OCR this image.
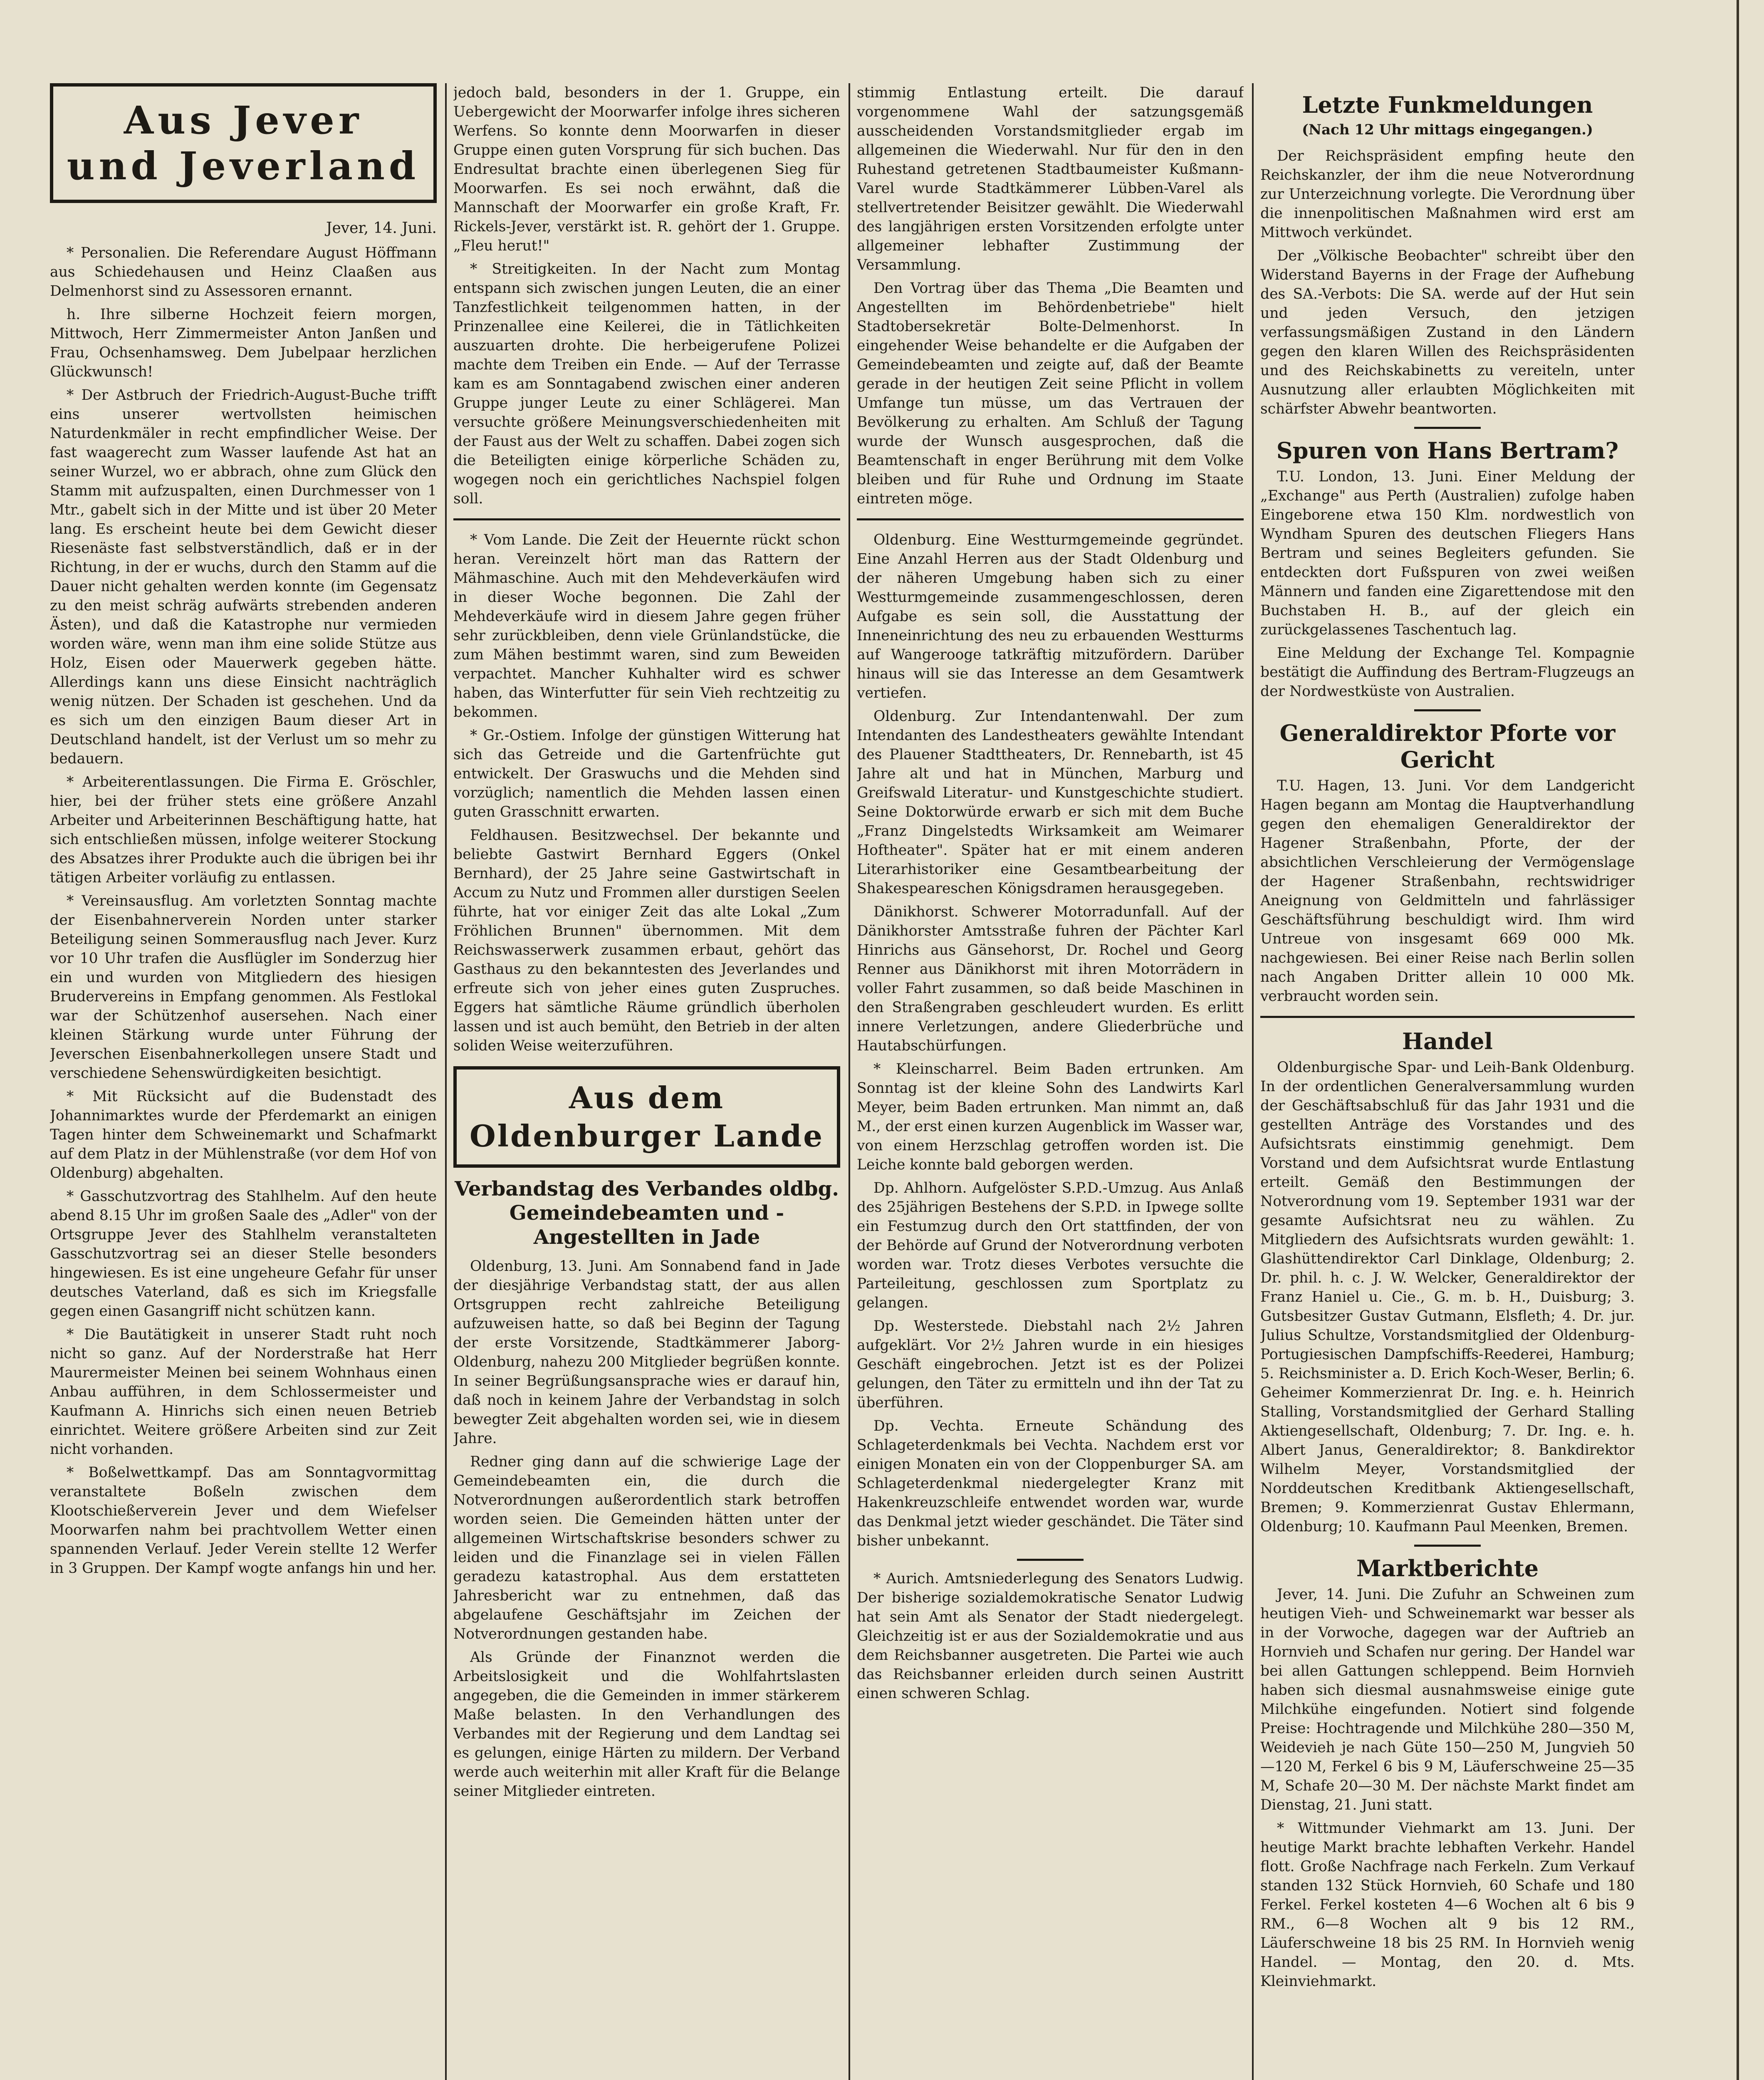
Aus Jever
und Jeverland
Jever, 14. Juni.

* Personalien. Die Referendare August Höffmann aus Schiedehausen und Heinz Claaßen aus Delmenhorst sind zu Assessoren ernannt.

h. Ihre silberne Hochzeit feiern morgen, Mittwoch, Herr Zimmermeister Anton Janßen und Frau, Ochsenhamsweg. Dem Jubelpaar herzlichen Glückwunsch!

* Der Astbruch der Friedrich-August-Buche trifft eins unserer wertvollsten heimischen Naturdenkmäler in recht empfindlicher Weise. Der fast waagerecht zum Wasser laufende Ast hat an seiner Wurzel, wo er abbrach, ohne zum Glück den Stamm mit aufzuspalten, einen Durchmesser von 1 Mtr., gabelt sich in der Mitte und ist über 20 Meter lang. Es erscheint heute bei dem Gewicht dieser Riesenäste fast selbstverständlich, daß er in der Richtung, in der er wuchs, durch den Stamm auf die Dauer nicht gehalten werden konnte (im Gegensatz zu den meist schräg aufwärts strebenden anderen Ästen), und daß die Katastrophe nur vermieden worden wäre, wenn man ihm eine solide Stütze aus Holz, Eisen oder Mauerwerk gegeben hätte. Allerdings kann uns diese Einsicht nachträglich wenig nützen. Der Schaden ist geschehen. Und da es sich um den einzigen Baum dieser Art in Deutschland handelt, ist der Verlust um so mehr zu bedauern.

* Arbeiterentlassungen. Die Firma E. Gröschler, hier, bei der früher stets eine größere Anzahl Arbeiter und Arbeiterinnen Beschäftigung hatte, hat sich entschließen müssen, infolge weiterer Stockung des Absatzes ihrer Produkte auch die übrigen bei ihr tätigen Arbeiter vorläufig zu entlassen.

* Vereinsausflug. Am vorletzten Sonntag machte der Eisenbahnerverein Norden unter starker Beteiligung seinen Sommerausflug nach Jever. Kurz vor 10 Uhr trafen die Ausflügler im Sonderzug hier ein und wurden von Mitgliedern des hiesigen Brudervereins in Empfang genommen. Als Festlokal war der Schützenhof ausersehen. Nach einer kleinen Stärkung wurde unter Führung der Jeverschen Eisenbahnerkollegen unsere Stadt und verschiedene Sehenswürdigkeiten besichtigt.

* Mit Rücksicht auf die Budenstadt des Johannimarktes wurde der Pferdemarkt an einigen Tagen hinter dem Schweinemarkt und Schafmarkt auf dem Platz in der Mühlenstraße (vor dem Hof von Oldenburg) abgehalten.

* Gasschutzvortrag des Stahlhelm. Auf den heute abend 8.15 Uhr im großen Saale des „Adler" von der Ortsgruppe Jever des Stahlhelm veranstalteten Gasschutzvortrag sei an dieser Stelle besonders hingewiesen. Es ist eine ungeheure Gefahr für unser deutsches Vaterland, daß es sich im Kriegsfalle gegen einen Gasangriff nicht schützen kann.

* Die Bautätigkeit in unserer Stadt ruht noch nicht so ganz. Auf der Norderstraße hat Herr Maurermeister Meinen bei seinem Wohnhaus einen Anbau aufführen, in dem Schlossermeister und Kaufmann A. Hinrichs sich einen neuen Betrieb einrichtet. Weitere größere Arbeiten sind zur Zeit nicht vorhanden.

* Boßelwettkampf. Das am Sonntagvormittag veranstaltete Boßeln zwischen dem Klootschießerverein Jever und dem Wiefelser Moorwarfen nahm bei prachtvollem Wetter einen spannenden Verlauf. Jeder Verein stellte 12 Werfer in 3 Gruppen. Der Kampf wogte anfangs hin und her.

jedoch bald, besonders in der 1. Gruppe, ein Uebergewicht der Moorwarfer infolge ihres sicheren Werfens. So konnte denn Moorwarfen in dieser Gruppe einen guten Vorsprung für sich buchen. Das Endresultat brachte einen überlegenen Sieg für Moorwarfen. Es sei noch erwähnt, daß die Mannschaft der Moorwarfer ein große Kraft, Fr. Rickels-Jever, verstärkt ist. R. gehört der 1. Gruppe. „Fleu herut!"

* Streitigkeiten. In der Nacht zum Montag entspann sich zwischen jungen Leuten, die an einer Tanzfestlichkeit teilgenommen hatten, in der Prinzenallee eine Keilerei, die in Tätlichkeiten auszuarten drohte. Die herbeigerufene Polizei machte dem Treiben ein Ende. — Auf der Terrasse kam es am Sonntagabend zwischen einer anderen Gruppe junger Leute zu einer Schlägerei. Man versuchte größere Meinungsverschiedenheiten mit der Faust aus der Welt zu schaffen. Dabei zogen sich die Beteiligten einige körperliche Schäden zu, wogegen noch ein gerichtliches Nachspiel folgen soll.

* Vom Lande. Die Zeit der Heuernte rückt schon heran. Vereinzelt hört man das Rattern der Mähmaschine. Auch mit den Mehdeverkäufen wird in dieser Woche begonnen. Die Zahl der Mehdeverkäufe wird in diesem Jahre gegen früher sehr zurückbleiben, denn viele Grünlandstücke, die zum Mähen bestimmt waren, sind zum Beweiden verpachtet. Mancher Kuhhalter wird es schwer haben, das Winterfutter für sein Vieh rechtzeitig zu bekommen.

* Gr.-Ostiem. Infolge der günstigen Witterung hat sich das Getreide und die Gartenfrüchte gut entwickelt. Der Graswuchs und die Mehden sind vorzüglich; namentlich die Mehden lassen einen guten Grasschnitt erwarten.

Feldhausen. Besitzwechsel. Der bekannte und beliebte Gastwirt Bernhard Eggers (Onkel Bernhard), der 25 Jahre seine Gastwirtschaft in Accum zu Nutz und Frommen aller durstigen Seelen führte, hat vor einiger Zeit das alte Lokal „Zum Fröhlichen Brunnen" übernommen. Mit dem Reichswasserwerk zusammen erbaut, gehört das Gasthaus zu den bekanntesten des Jeverlandes und erfreute sich von jeher eines guten Zuspruches. Eggers hat sämtliche Räume gründlich überholen lassen und ist auch bemüht, den Betrieb in der alten soliden Weise weiterzuführen.

Aus dem Oldenburger Lande
Verbandstag des Verbandes oldbg. Gemeindebeamten und -Angestellten in Jade

Oldenburg, 13. Juni. Am Sonnabend fand in Jade der diesjährige Verbandstag statt, der aus allen Ortsgruppen recht zahlreiche Beteiligung aufzuweisen hatte, so daß bei Beginn der Tagung der erste Vorsitzende, Stadtkämmerer Jaborg-Oldenburg, nahezu 200 Mitglieder begrüßen konnte. In seiner Begrüßungsansprache wies er darauf hin, daß noch in keinem Jahre der Verbandstag in solch bewegter Zeit abgehalten worden sei, wie in diesem Jahre.

Redner ging dann auf die schwierige Lage der Gemeindebeamten ein, die durch die Notverordnungen außerordentlich stark betroffen worden seien. Die Gemeinden hätten unter der allgemeinen Wirtschaftskrise besonders schwer zu leiden und die Finanzlage sei in vielen Fällen geradezu katastrophal. Aus dem erstatteten Jahresbericht war zu entnehmen, daß das abgelaufene Geschäftsjahr im Zeichen der Notverordnungen gestanden habe.

Als Gründe der Finanznot werden die Arbeitslosigkeit und die Wohlfahrtslasten angegeben, die die Gemeinden in immer stärkerem Maße belasten. In den Verhandlungen des Verbandes mit der Regierung und dem Landtag sei es gelungen, einige Härten zu mildern. Der Verband werde auch weiterhin mit aller Kraft für die Belange seiner Mitglieder eintreten.

stimmig Entlastung erteilt. Die darauf vorgenommene Wahl der satzungsgemäß ausscheidenden Vorstandsmitglieder ergab im allgemeinen die Wiederwahl. Nur für den in den Ruhestand getretenen Stadtbaumeister Kußmann-Varel wurde Stadtkämmerer Lübben-Varel als stellvertretender Beisitzer gewählt. Die Wiederwahl des langjährigen ersten Vorsitzenden erfolgte unter allgemeiner lebhafter Zustimmung der Versammlung.

Den Vortrag über das Thema „Die Beamten und Angestellten im Behördenbetriebe" hielt Stadtobersekretär Bolte-Delmenhorst. In eingehender Weise behandelte er die Aufgaben der Gemeindebeamten und zeigte auf, daß der Beamte gerade in der heutigen Zeit seine Pflicht in vollem Umfange tun müsse, um das Vertrauen der Bevölkerung zu erhalten. Am Schluß der Tagung wurde der Wunsch ausgesprochen, daß die Beamtenschaft in enger Berührung mit dem Volke bleiben und für Ruhe und Ordnung im Staate eintreten möge.

Oldenburg. Eine Westturmgemeinde gegründet. Eine Anzahl Herren aus der Stadt Oldenburg und der näheren Umgebung haben sich zu einer Westturmgemeinde zusammengeschlossen, deren Aufgabe es sein soll, die Ausstattung der Inneneinrichtung des neu zu erbauenden Westturms auf Wangerooge tatkräftig mitzufördern. Darüber hinaus will sie das Interesse an dem Gesamtwerk vertiefen.

Oldenburg. Zur Intendantenwahl. Der zum Intendanten des Landestheaters gewählte Intendant des Plauener Stadttheaters, Dr. Rennebarth, ist 45 Jahre alt und hat in München, Marburg und Greifswald Literatur- und Kunstgeschichte studiert. Seine Doktorwürde erwarb er sich mit dem Buche „Franz Dingelstedts Wirksamkeit am Weimarer Hoftheater". Später hat er mit einem anderen Literarhistoriker eine Gesamtbearbeitung der Shakespeareschen Königsdramen herausgegeben.

Dänikhorst. Schwerer Motorradunfall. Auf der Dänikhorster Amtsstraße fuhren der Pächter Karl Hinrichs aus Gänsehorst, Dr. Rochel und Georg Renner aus Dänikhorst mit ihren Motorrädern in voller Fahrt zusammen, so daß beide Maschinen in den Straßengraben geschleudert wurden. Es erlitt innere Verletzungen, andere Gliederbrüche und Hautabschürfungen.

* Kleinscharrel. Beim Baden ertrunken. Am Sonntag ist der kleine Sohn des Landwirts Karl Meyer, beim Baden ertrunken. Man nimmt an, daß M., der erst einen kurzen Augenblick im Wasser war, von einem Herzschlag getroffen worden ist. Die Leiche konnte bald geborgen werden.

Dp. Ahlhorn. Aufgelöster S.P.D.-Umzug. Aus Anlaß des 25jährigen Bestehens der S.P.D. in Ipwege sollte ein Festumzug durch den Ort stattfinden, der von der Behörde auf Grund der Notverordnung verboten worden war. Trotz dieses Verbotes versuchte die Parteileitung, geschlossen zum Sportplatz zu gelangen.

Dp. Westerstede. Diebstahl nach 2½ Jahren aufgeklärt. Vor 2½ Jahren wurde in ein hiesiges Geschäft eingebrochen. Jetzt ist es der Polizei gelungen, den Täter zu ermitteln und ihn der Tat zu überführen.

Dp. Vechta. Erneute Schändung des Schlageterdenkmals bei Vechta. Nachdem erst vor einigen Monaten ein von der Cloppenburger SA. am Schlageterdenkmal niedergelegter Kranz mit Hakenkreuzschleife entwendet worden war, wurde das Denkmal jetzt wieder geschändet. Die Täter sind bisher unbekannt.

* Aurich. Amtsniederlegung des Senators Ludwig. Der bisherige sozialdemokratische Senator Ludwig hat sein Amt als Senator der Stadt niedergelegt. Gleichzeitig ist er aus der Sozialdemokratie und aus dem Reichsbanner ausgetreten. Die Partei wie auch das Reichsbanner erleiden durch seinen Austritt einen schweren Schlag.

Letzte Funkmeldungen
(Nach 12 Uhr mittags eingegangen.)

Der Reichspräsident empfing heute den Reichskanzler, der ihm die neue Notverordnung zur Unterzeichnung vorlegte. Die Verordnung über die innenpolitischen Maßnahmen wird erst am Mittwoch verkündet.

Der „Völkische Beobachter" schreibt über den Widerstand Bayerns in der Frage der Aufhebung des SA.-Verbots: Die SA. werde auf der Hut sein und jeden Versuch, den jetzigen verfassungsmäßigen Zustand in den Ländern gegen den klaren Willen des Reichspräsidenten und des Reichskabinetts zu vereiteln, unter Ausnutzung aller erlaubten Möglichkeiten mit schärfster Abwehr beantworten.

Spuren von Hans Bertram?

T.U. London, 13. Juni. Einer Meldung der „Exchange" aus Perth (Australien) zufolge haben Eingeborene etwa 150 Klm. nordwestlich von Wyndham Spuren des deutschen Fliegers Hans Bertram und seines Begleiters gefunden. Sie entdeckten dort Fußspuren von zwei weißen Männern und fanden eine Zigarettendose mit den Buchstaben H. B., auf der gleich ein zurückgelassenes Taschentuch lag.

Eine Meldung der Exchange Tel. Kompagnie bestätigt die Auffindung des Bertram-Flugzeugs an der Nordwestküste von Australien.

Generaldirektor Pforte vor Gericht

T.U. Hagen, 13. Juni. Vor dem Landgericht Hagen begann am Montag die Hauptverhandlung gegen den ehemaligen Generaldirektor der Hagener Straßenbahn, Pforte, der der absichtlichen Verschleierung der Vermögenslage der Hagener Straßenbahn, rechtswidriger Aneignung von Geldmitteln und fahrlässiger Geschäftsführung beschuldigt wird. Ihm wird Untreue von insgesamt 669 000 Mk. nachgewiesen. Bei einer Reise nach Berlin sollen nach Angaben Dritter allein 10 000 Mk. verbraucht worden sein.

Handel

Oldenburgische Spar- und Leih-Bank Oldenburg. In der ordentlichen Generalversammlung wurden der Geschäftsabschluß für das Jahr 1931 und die gestellten Anträge des Vorstandes und des Aufsichtsrats einstimmig genehmigt. Dem Vorstand und dem Aufsichtsrat wurde Entlastung erteilt. Gemäß den Bestimmungen der Notverordnung vom 19. September 1931 war der gesamte Aufsichtsrat neu zu wählen. Zu Mitgliedern des Aufsichtsrats wurden gewählt: 1. Glashüttendirektor Carl Dinklage, Oldenburg; 2. Dr. phil. h. c. J. W. Welcker, Generaldirektor der Franz Haniel u. Cie., G. m. b. H., Duisburg; 3. Gutsbesitzer Gustav Gutmann, Elsfleth; 4. Dr. jur. Julius Schultze, Vorstandsmitglied der Oldenburg-Portugiesischen Dampfschiffs-Reederei, Hamburg; 5. Reichsminister a. D. Erich Koch-Weser, Berlin; 6. Geheimer Kommerzienrat Dr. Ing. e. h. Heinrich Stalling, Vorstandsmitglied der Gerhard Stalling Aktiengesellschaft, Oldenburg; 7. Dr. Ing. e. h. Albert Janus, Generaldirektor; 8. Bankdirektor Wilhelm Meyer, Vorstandsmitglied der Norddeutschen Kreditbank Aktiengesellschaft, Bremen; 9. Kommerzienrat Gustav Ehlermann, Oldenburg; 10. Kaufmann Paul Meenken, Bremen.

Marktberichte

Jever, 14. Juni. Die Zufuhr an Schweinen zum heutigen Vieh- und Schweinemarkt war besser als in der Vorwoche, dagegen war der Auftrieb an Hornvieh und Schafen nur gering. Der Handel war bei allen Gattungen schleppend. Beim Hornvieh haben sich diesmal ausnahmsweise einige gute Milchkühe eingefunden. Notiert sind folgende Preise: Hochtragende und Milchkühe 280—350 M, Weidevieh je nach Güte 150—250 M, Jungvieh 50—120 M, Ferkel 6 bis 9 M, Läuferschweine 25—35 M, Schafe 20—30 M. Der nächste Markt findet am Dienstag, 21. Juni statt.

* Wittmunder Viehmarkt am 13. Juni. Der heutige Markt brachte lebhaften Verkehr. Handel flott. Große Nachfrage nach Ferkeln. Zum Verkauf standen 132 Stück Hornvieh, 60 Schafe und 180 Ferkel. Ferkel kosteten 4—6 Wochen alt 6 bis 9 RM., 6—8 Wochen alt 9 bis 12 RM., Läuferschweine 18 bis 25 RM. In Hornvieh wenig Handel. — Montag, den 20. d. Mts. Kleinviehmarkt.
